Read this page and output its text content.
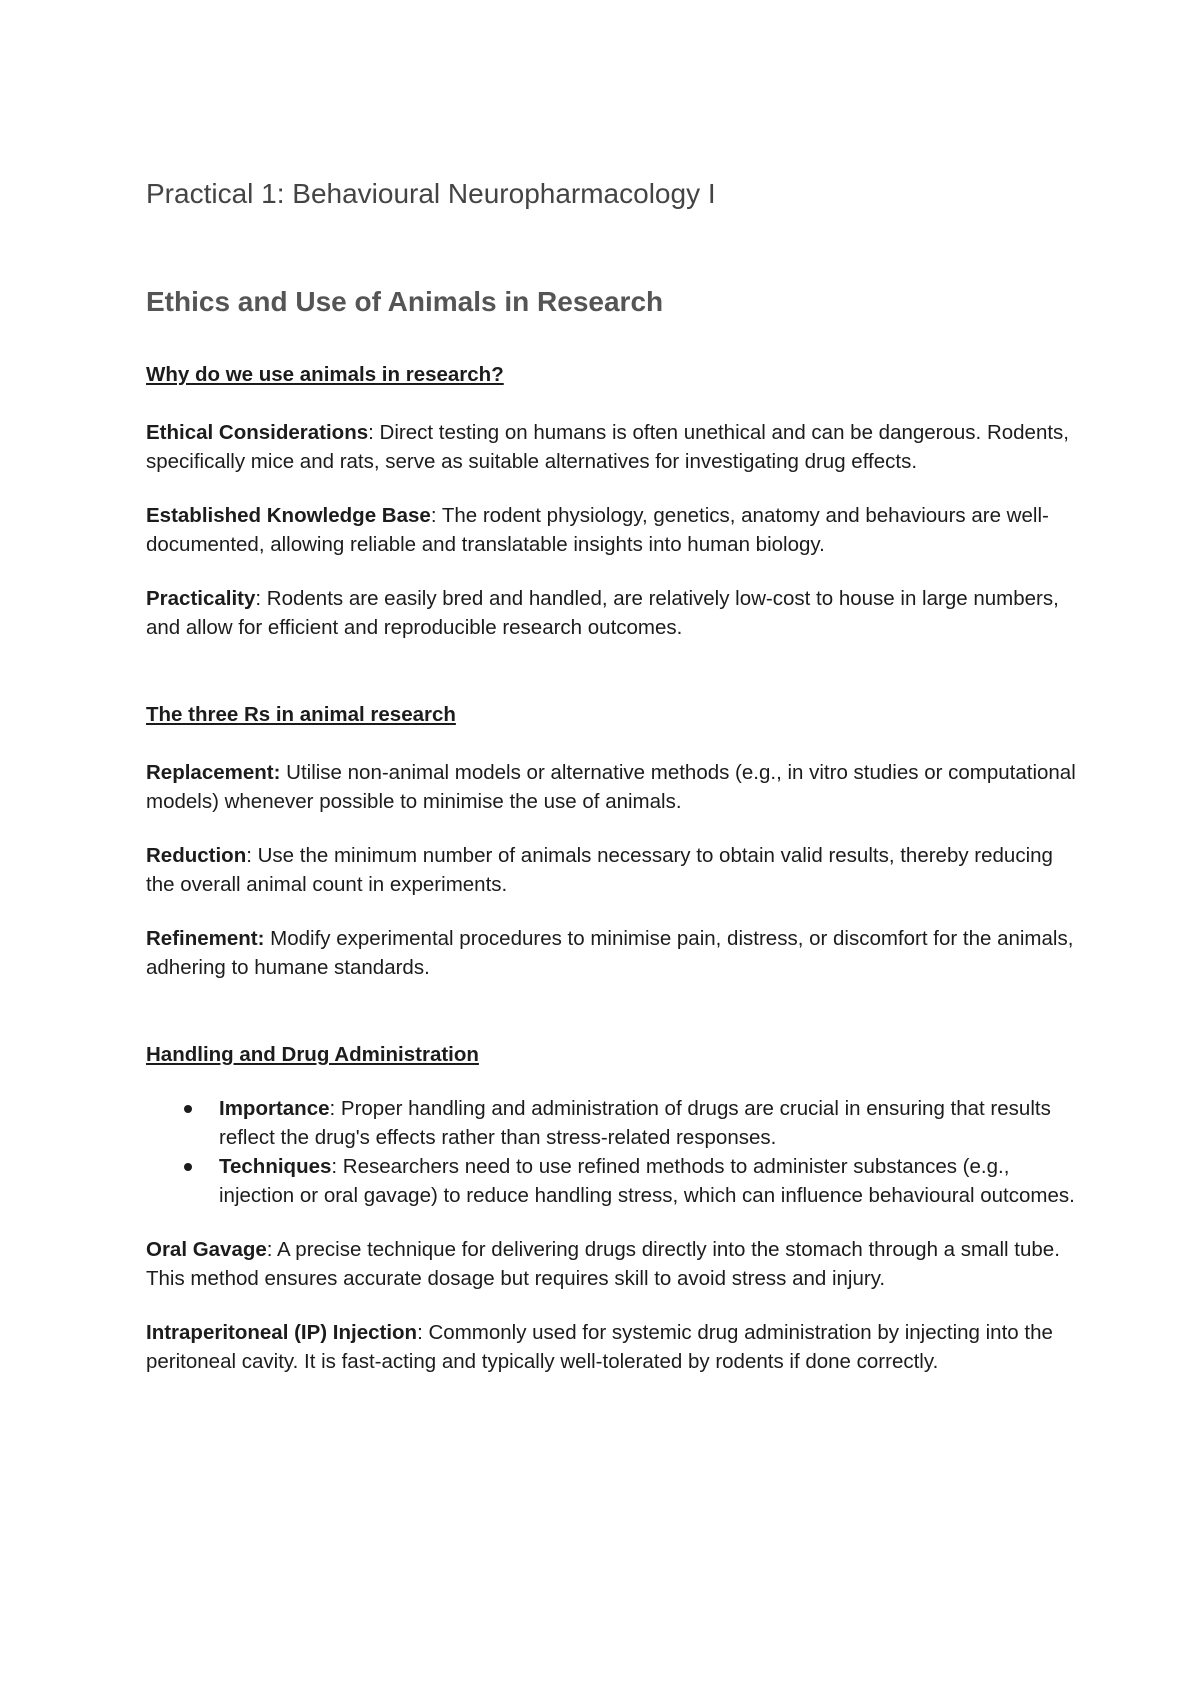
Practical 1: Behavioural Neuropharmacology I
Ethics and Use of Animals in Research

Why do we use animals in research?

Ethical Considerations: Direct testing on humans is often unethical and can be dangerous. Rodents, specifically mice and rats, serve as suitable alternatives for investigating drug effects.

Established Knowledge Base: The rodent physiology, genetics, anatomy and behaviours are well-documented, allowing reliable and translatable insights into human biology.

Practicality: Rodents are easily bred and handled, are relatively low-cost to house in large numbers, and allow for efficient and reproducible research outcomes.

The three Rs in animal research

Replacement: Utilise non-animal models or alternative methods (e.g., in vitro studies or computational models) whenever possible to minimise the use of animals.

Reduction: Use the minimum number of animals necessary to obtain valid results, thereby reducing the overall animal count in experiments.

Refinement: Modify experimental procedures to minimise pain, distress, or discomfort for the animals, adhering to humane standards.

Handling and Drug Administration

Importance: Proper handling and administration of drugs are crucial in ensuring that results reflect the drug's effects rather than stress-related responses.
Techniques: Researchers need to use refined methods to administer substances (e.g., injection or oral gavage) to reduce handling stress, which can influence behavioural outcomes.

Oral Gavage: A precise technique for delivering drugs directly into the stomach through a small tube. This method ensures accurate dosage but requires skill to avoid stress and injury.

Intraperitoneal (IP) Injection: Commonly used for systemic drug administration by injecting into the peritoneal cavity. It is fast-acting and typically well-tolerated by rodents if done correctly.
